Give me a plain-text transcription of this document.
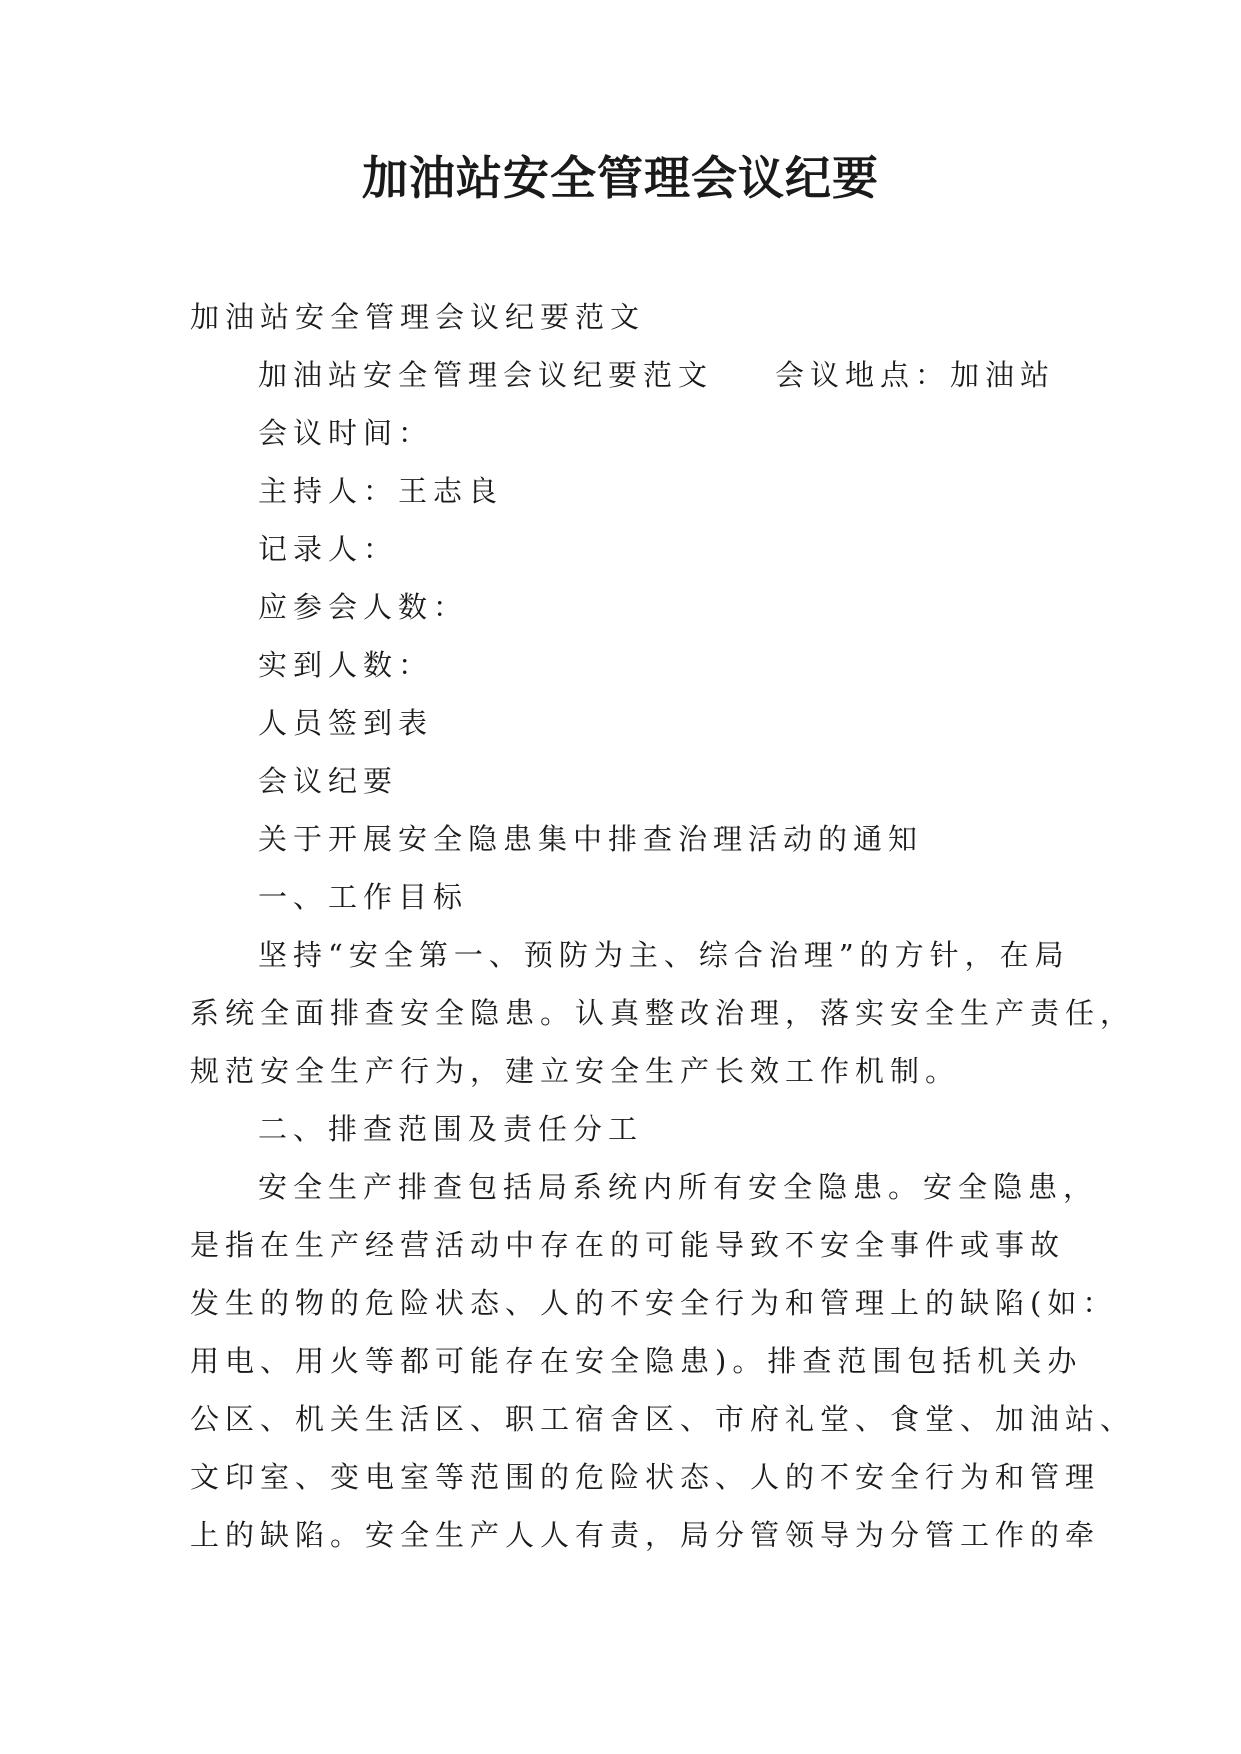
加油站安全管理会议纪要

加油站安全管理会议纪要范文

加油站安全管理会议纪要范文 会议地点：加油站

会议时间：

主持人：王志良

记录人：

应参会人数：

实到人数：

人员签到表

会议纪要

关于开展安全隐患集中排查治理活动的通知

一、工作目标

坚持“安全第一、预防为主、综合治理”的方针，在局

系统全面排查安全隐患。认真整改治理，落实安全生产责任，

规范安全生产行为，建立安全生产长效工作机制。

二、排查范围及责任分工

安全生产排查包括局系统内所有安全隐患。安全隐患，

是指在生产经营活动中存在的可能导致不安全事件或事故

发生的物的危险状态、人的不安全行为和管理上的缺陷(如：

用电、用火等都可能存在安全隐患)。排查范围包括机关办

公区、机关生活区、职工宿舍区、市府礼堂、食堂、加油站、

文印室、变电室等范围的危险状态、人的不安全行为和管理

上的缺陷。安全生产人人有责，局分管领导为分管工作的牵
